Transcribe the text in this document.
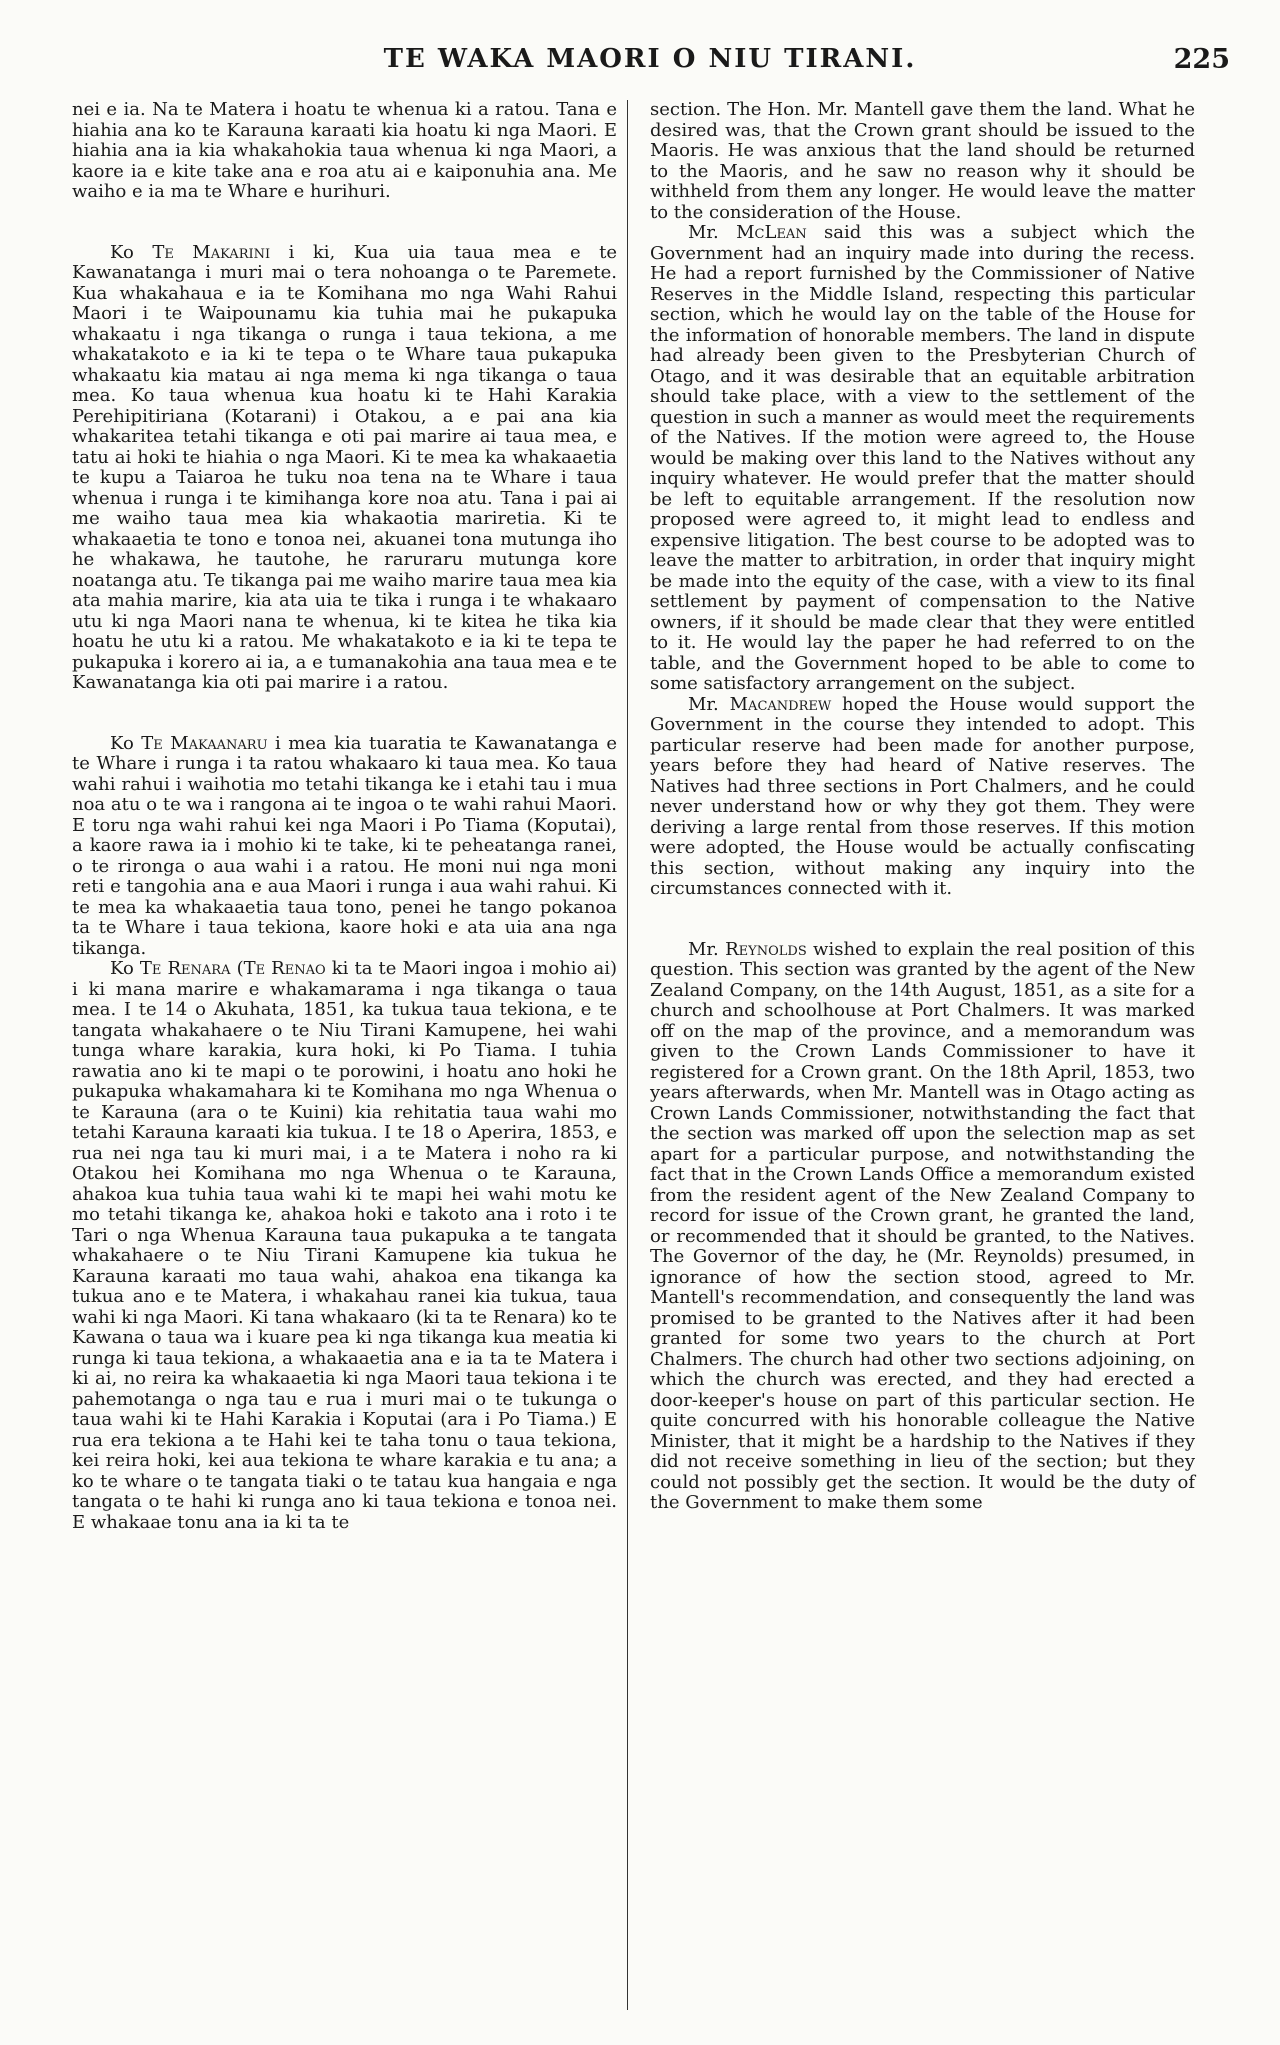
TE WAKA MAORI O NIU TIRANI.	225

nei e ia. Na te Matera i hoatu te whenua ki a ratou. Tana e hiahia ana ko te Karauna karaati kia hoatu ki nga Maori. E hiahia ana ia kia whakahokia taua whenua ki nga Maori, a kaore ia e kite take ana e roa atu ai e kaiponuhia ana. Me waiho e ia ma te Whare e hurihuri.

Ko Te Makarini i ki, Kua uia taua mea e te Kawanatanga i muri mai o tera nohoanga o te Paremete. Kua whakahaua e ia te Komihana mo nga Wahi Rahui Maori i te Waipounamu kia tuhia mai he pukapuka whakaatu i nga tikanga o runga i taua tekiona, a me whakatakoto e ia ki te tepa o te Whare taua pukapuka whakaatu kia matau ai nga mema ki nga tikanga o taua mea. Ko taua whenua kua hoatu ki te Hahi Karakia Perehipitiriana (Kotarani) i Otakou, a e pai ana kia whakaritea tetahi tikanga e oti pai marire ai taua mea, e tatu ai hoki te hiahia o nga Maori. Ki te mea ka whakaaetia te kupu a Taiaroa he tuku noa tena na te Whare i taua whenua i runga i te kimihanga kore noa atu. Tana i pai ai me waiho taua mea kia whakaotia mariretia. Ki te whakaaetia te tono e tonoa nei, akuanei tona mutunga iho he whakawa, he tautohe, he raruraru mutunga kore noatanga atu. Te tikanga pai me waiho marire taua mea kia ata mahia marire, kia ata uia te tika i runga i te whakaaro utu ki nga Maori nana te whenua, ki te kitea he tika kia hoatu he utu ki a ratou. Me whakatakoto e ia ki te tepa te pukapuka i korero ai ia, a e tumanakohia ana taua mea e te Kawanatanga kia oti pai marire i a ratou.

Ko Te Makaanaru i mea kia tuaratia te Kawanatanga e te Whare i runga i ta ratou whakaaro ki taua mea. Ko taua wahi rahui i waihotia mo tetahi tikanga ke i etahi tau i mua noa atu o te wa i rangona ai te ingoa o te wahi rahui Maori. E toru nga wahi rahui kei nga Maori i Po Tiama (Koputai), a kaore rawa ia i mohio ki te take, ki te peheatanga ranei, o te rironga o aua wahi i a ratou. He moni nui nga moni reti e tangohia ana e aua Maori i runga i aua wahi rahui. Ki te mea ka whakaaetia taua tono, penei he tango pokanoa ta te Whare i taua tekiona, kaore hoki e ata uia ana nga tikanga.

Ko Te Renara (Te Renao ki ta te Maori ingoa i mohio ai) i ki mana marire e whakamarama i nga tikanga o taua mea. I te 14 o Akuhata, 1851, ka tukua taua tekiona, e te tangata whakahaere o te Niu Tirani Kamupene, hei wahi tunga whare karakia, kura hoki, ki Po Tiama. I tuhia rawatia ano ki te mapi o te porowini, i hoatu ano hoki he pukapuka whakamahara ki te Komihana mo nga Whenua o te Karauna (ara o te Kuini) kia rehitatia taua wahi mo tetahi Karauna karaati kia tukua. I te 18 o Aperira, 1853, e rua nei nga tau ki muri mai, i a te Matera i noho ra ki Otakou hei Komihana mo nga Whenua o te Karauna, ahakoa kua tuhia taua wahi ki te mapi hei wahi motu ke mo tetahi tikanga ke, ahakoa hoki e takoto ana i roto i te Tari o nga Whenua Karauna taua pukapuka a te tangata whakahaere o te Niu Tirani Kamupene kia tukua he Karauna karaati mo taua wahi, ahakoa ena tikanga ka tukua ano e te Matera, i whakahau ranei kia tukua, taua wahi ki nga Maori. Ki tana whakaaro (ki ta te Renara) ko te Kawana o taua wa i kuare pea ki nga tikanga kua meatia ki runga ki taua tekiona, a whakaaetia ana e ia ta te Matera i ki ai, no reira ka whakaaetia ki nga Maori taua tekiona i te pahemotanga o nga tau e rua i muri mai o te tukunga o taua wahi ki te Hahi Karakia i Koputai (ara i Po Tiama.) E rua era tekiona a te Hahi kei te taha tonu o taua tekiona, kei reira hoki, kei aua tekiona te whare karakia e tu ana; a ko te whare o te tangata tiaki o te tatau kua hangaia e nga tangata o te hahi ki runga ano ki taua tekiona e tonoa nei. E whakaae tonu ana ia ki ta te

section. The Hon. Mr. Mantell gave them the land. What he desired was, that the Crown grant should be issued to the Maoris. He was anxious that the land should be returned to the Maoris, and he saw no reason why it should be withheld from them any longer. He would leave the matter to the consideration of the House.

Mr. McLean said this was a subject which the Government had an inquiry made into during the recess. He had a report furnished by the Commissioner of Native Reserves in the Middle Island, respecting this particular section, which he would lay on the table of the House for the information of honorable members. The land in dispute had already been given to the Presbyterian Church of Otago, and it was desirable that an equitable arbitration should take place, with a view to the settlement of the question in such a manner as would meet the requirements of the Natives. If the motion were agreed to, the House would be making over this land to the Natives without any inquiry whatever. He would prefer that the matter should be left to equitable arrangement. If the resolution now proposed were agreed to, it might lead to endless and expensive litigation. The best course to be adopted was to leave the matter to arbitration, in order that inquiry might be made into the equity of the case, with a view to its final settlement by payment of compensation to the Native owners, if it should be made clear that they were entitled to it. He would lay the paper he had referred to on the table, and the Government hoped to be able to come to some satisfactory arrangement on the subject.

Mr. Macandrew hoped the House would support the Government in the course they intended to adopt. This particular reserve had been made for another purpose, years before they had heard of Native reserves. The Natives had three sections in Port Chalmers, and he could never understand how or why they got them. They were deriving a large rental from those reserves. If this motion were adopted, the House would be actually confiscating this section, without making any inquiry into the circumstances connected with it.

Mr. Reynolds wished to explain the real position of this question. This section was granted by the agent of the New Zealand Company, on the 14th August, 1851, as a site for a church and schoolhouse at Port Chalmers. It was marked off on the map of the province, and a memorandum was given to the Crown Lands Commissioner to have it registered for a Crown grant. On the 18th April, 1853, two years afterwards, when Mr. Mantell was in Otago acting as Crown Lands Commissioner, notwithstanding the fact that the section was marked off upon the selection map as set apart for a particular purpose, and notwithstanding the fact that in the Crown Lands Office a memorandum existed from the resident agent of the New Zealand Company to record for issue of the Crown grant, he granted the land, or recommended that it should be granted, to the Natives. The Governor of the day, he (Mr. Reynolds) presumed, in ignorance of how the section stood, agreed to Mr. Mantell's recommendation, and consequently the land was promised to be granted to the Natives after it had been granted for some two years to the church at Port Chalmers. The church had other two sections adjoining, on which the church was erected, and they had erected a door-keeper's house on part of this particular section. He quite concurred with his honorable colleague the Native Minister, that it might be a hardship to the Natives if they did not receive something in lieu of the section; but they could not possibly get the section. It would be the duty of the Government to make them some
